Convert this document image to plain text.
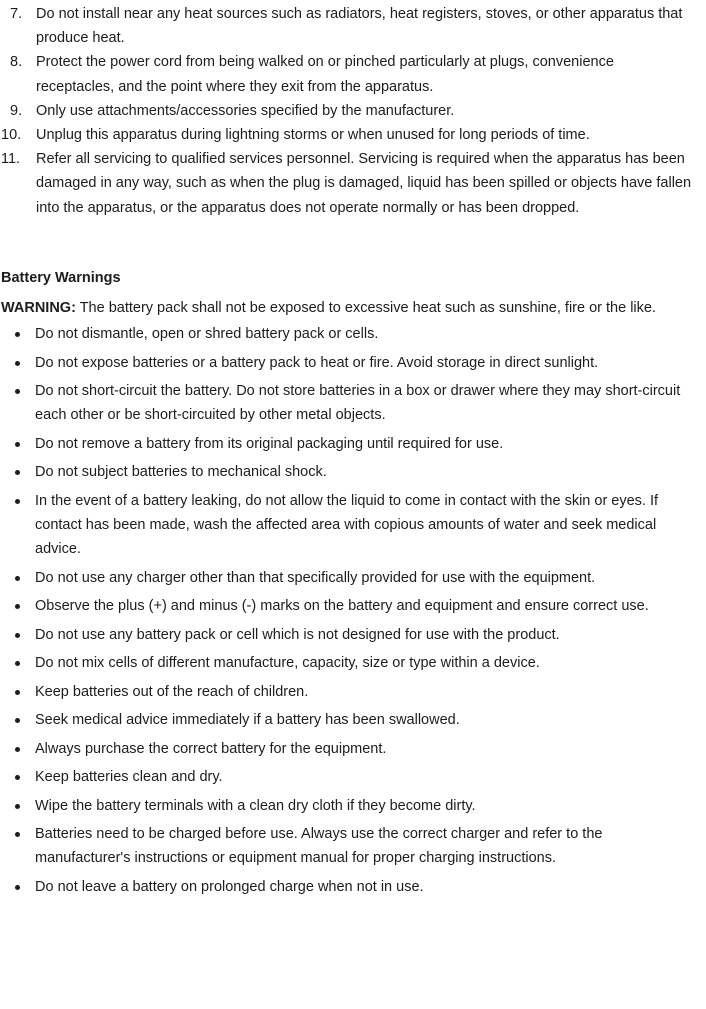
7. Do not install near any heat sources such as radiators, heat registers, stoves, or other apparatus that produce heat.
8. Protect the power cord from being walked on or pinched particularly at plugs, convenience receptacles, and the point where they exit from the apparatus.
9. Only use attachments/accessories specified by the manufacturer.
10. Unplug this apparatus during lightning storms or when unused for long periods of time.
11. Refer all servicing to qualified services personnel. Servicing is required when the apparatus has been damaged in any way, such as when the plug is damaged, liquid has been spilled or objects have fallen into the apparatus, or the apparatus does not operate normally or has been dropped.
Battery Warnings

WARNING: The battery pack shall not be exposed to excessive heat such as sunshine, fire or the like.

Do not dismantle, open or shred battery pack or cells.
Do not expose batteries or a battery pack to heat or fire. Avoid storage in direct sunlight.
Do not short-circuit the battery. Do not store batteries in a box or drawer where they may short-circuit each other or be short-circuited by other metal objects.
Do not remove a battery from its original packaging until required for use.
Do not subject batteries to mechanical shock.
In the event of a battery leaking, do not allow the liquid to come in contact with the skin or eyes. If contact has been made, wash the affected area with copious amounts of water and seek medical advice.
Do not use any charger other than that specifically provided for use with the equipment.
Observe the plus (+) and minus (-) marks on the battery and equipment and ensure correct use.
Do not use any battery pack or cell which is not designed for use with the product.
Do not mix cells of different manufacture, capacity, size or type within a device.
Keep batteries out of the reach of children.
Seek medical advice immediately if a battery has been swallowed.
Always purchase the correct battery for the equipment.
Keep batteries clean and dry.
Wipe the battery terminals with a clean dry cloth if they become dirty.
Batteries need to be charged before use. Always use the correct charger and refer to the manufacturer's instructions or equipment manual for proper charging instructions.
Do not leave a battery on prolonged charge when not in use.
